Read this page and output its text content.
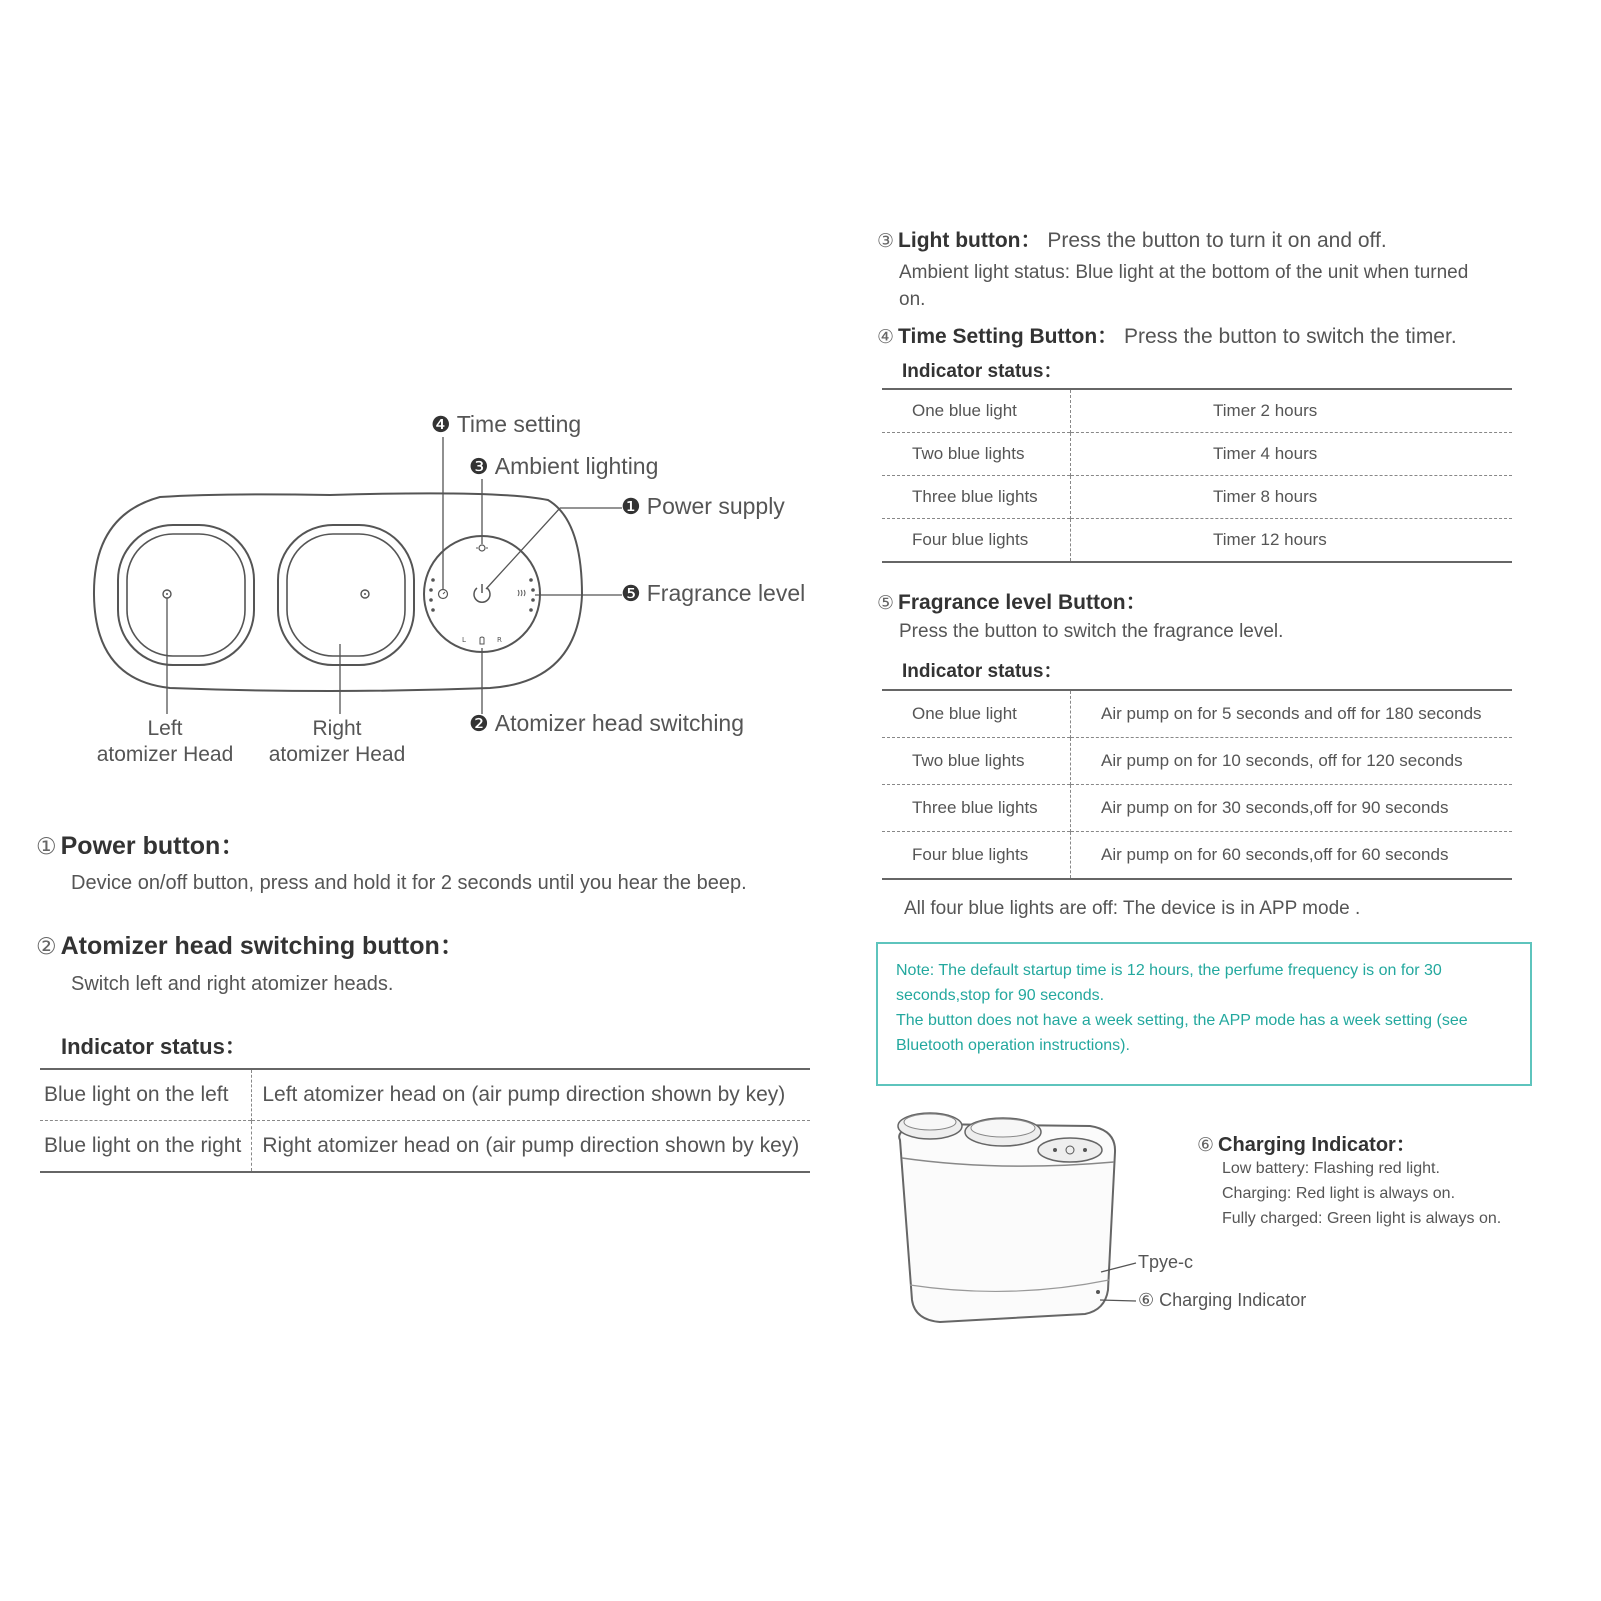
L	R
❹ Time setting
❸ Ambient lighting
❶ Power supply
❺ Fragrance level
❷ Atomizer head switching
Left
atomizer Head
Right
atomizer Head
① Power button：
Device on/off button, press and hold it for 2 seconds until you hear the beep.
② Atomizer head switching button：
Switch left and right atomizer heads.
Indicator status：
Blue light on the left	Left atomizer head on (air pump direction shown by key)
Blue light on the right	Right atomizer head on (air pump direction shown by key)
③ Light button： Press the button to turn it on and off.
Ambient light status: Blue light at the bottom of the unit when turned on.
④ Time Setting Button： Press the button to switch the timer.
Indicator status：
One blue light	Timer 2 hours
Two blue lights	Timer 4 hours
Three blue lights	Timer 8 hours
Four blue lights	Timer 12 hours
⑤ Fragrance level Button：
Press the button to switch the fragrance level.
Indicator status：
One blue light	Air pump on for 5 seconds and off for 180 seconds
Two blue lights	Air pump on for 10 seconds, off for 120 seconds
Three blue lights	Air pump on for 30 seconds,off for 90 seconds
Four blue lights	Air pump on for 60 seconds,off for 60 seconds
All four blue lights are off: The device is in APP mode .

Note: The default startup time is 12 hours, the perfume frequency is on for 30 seconds,stop for 90 seconds.

The button does not have a week setting, the APP mode has a week setting (see Bluetooth operation instructions).

⑥ Charging Indicator：
Low battery: Flashing red light.
Charging: Red light is always on.
Fully charged: Green light is always on.
Tpye-c
⑥ Charging Indicator
